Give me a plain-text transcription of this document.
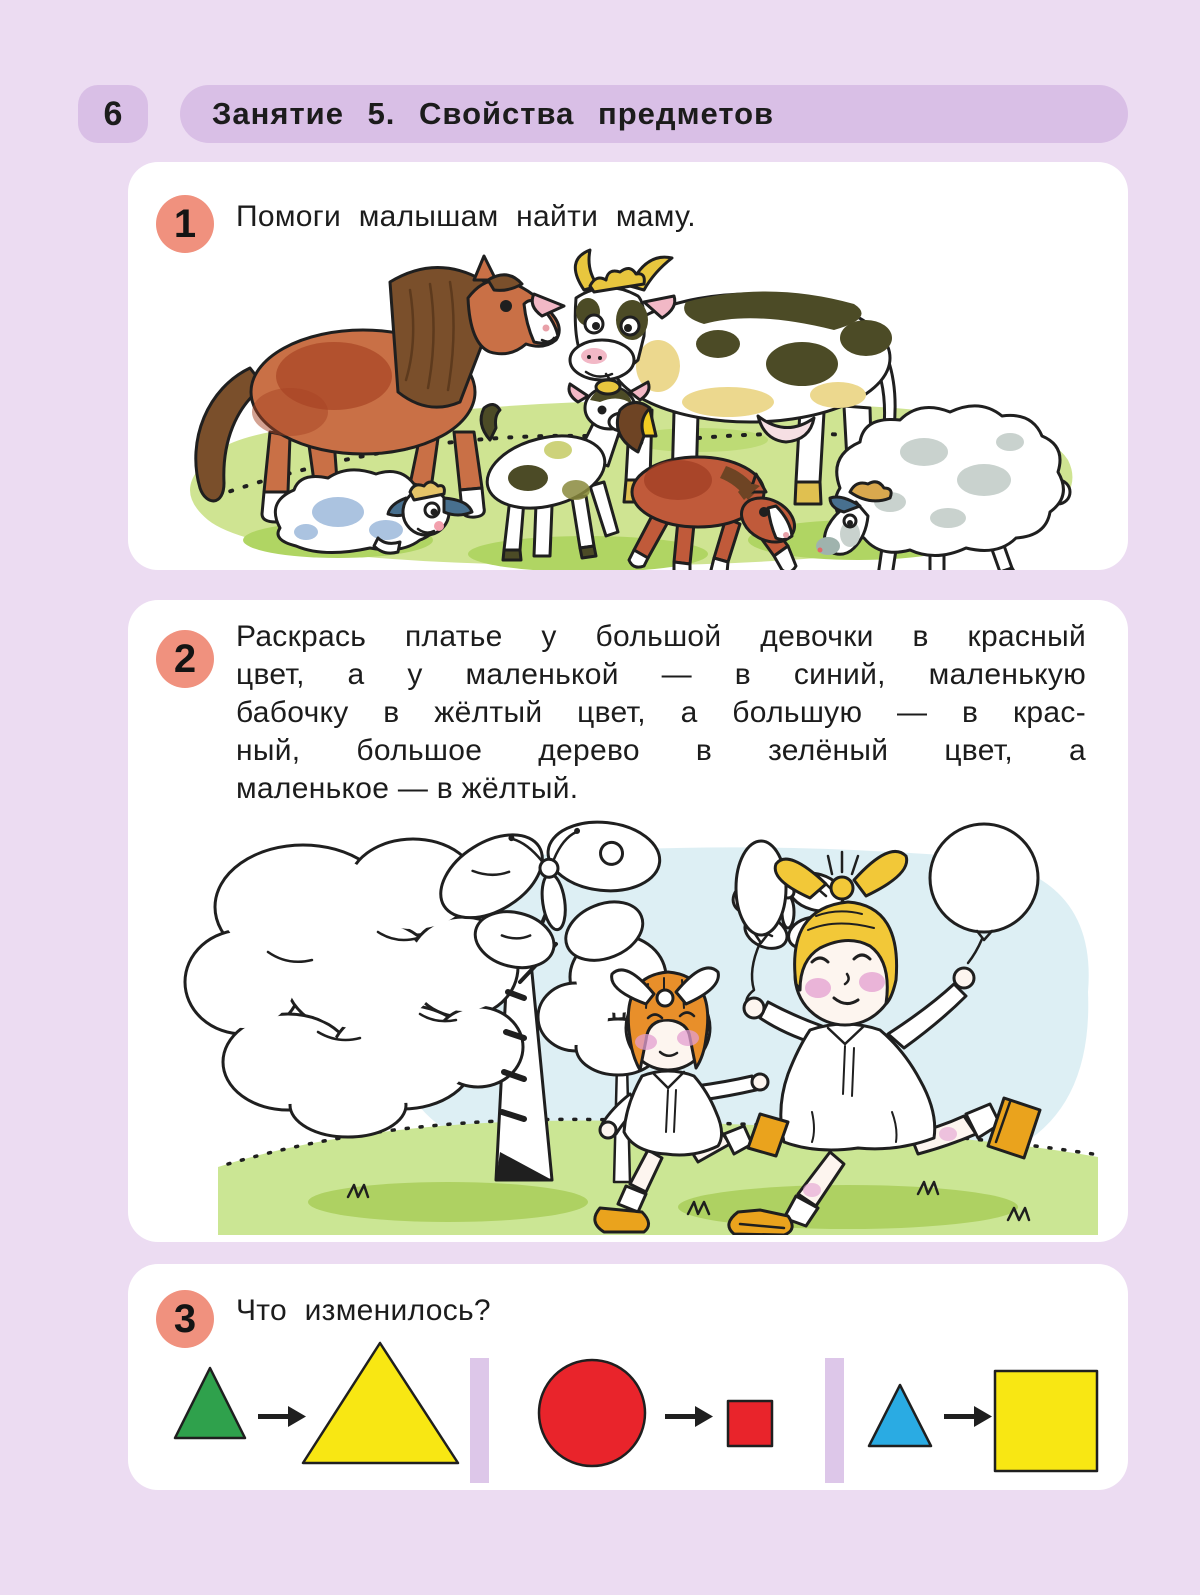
6	Занятие 5. Свойства предметов
1	Помоги малышам найти маму.
2	Раскрась платье у большой девочки в красный
цвет, а у маленькой — в синий, маленькую
бабочку в жёлтый цвет, а большую — в крас-
ный, большое дерево в зелёный цвет, а
маленькое — в жёлтый.
3	Что изменилось?
